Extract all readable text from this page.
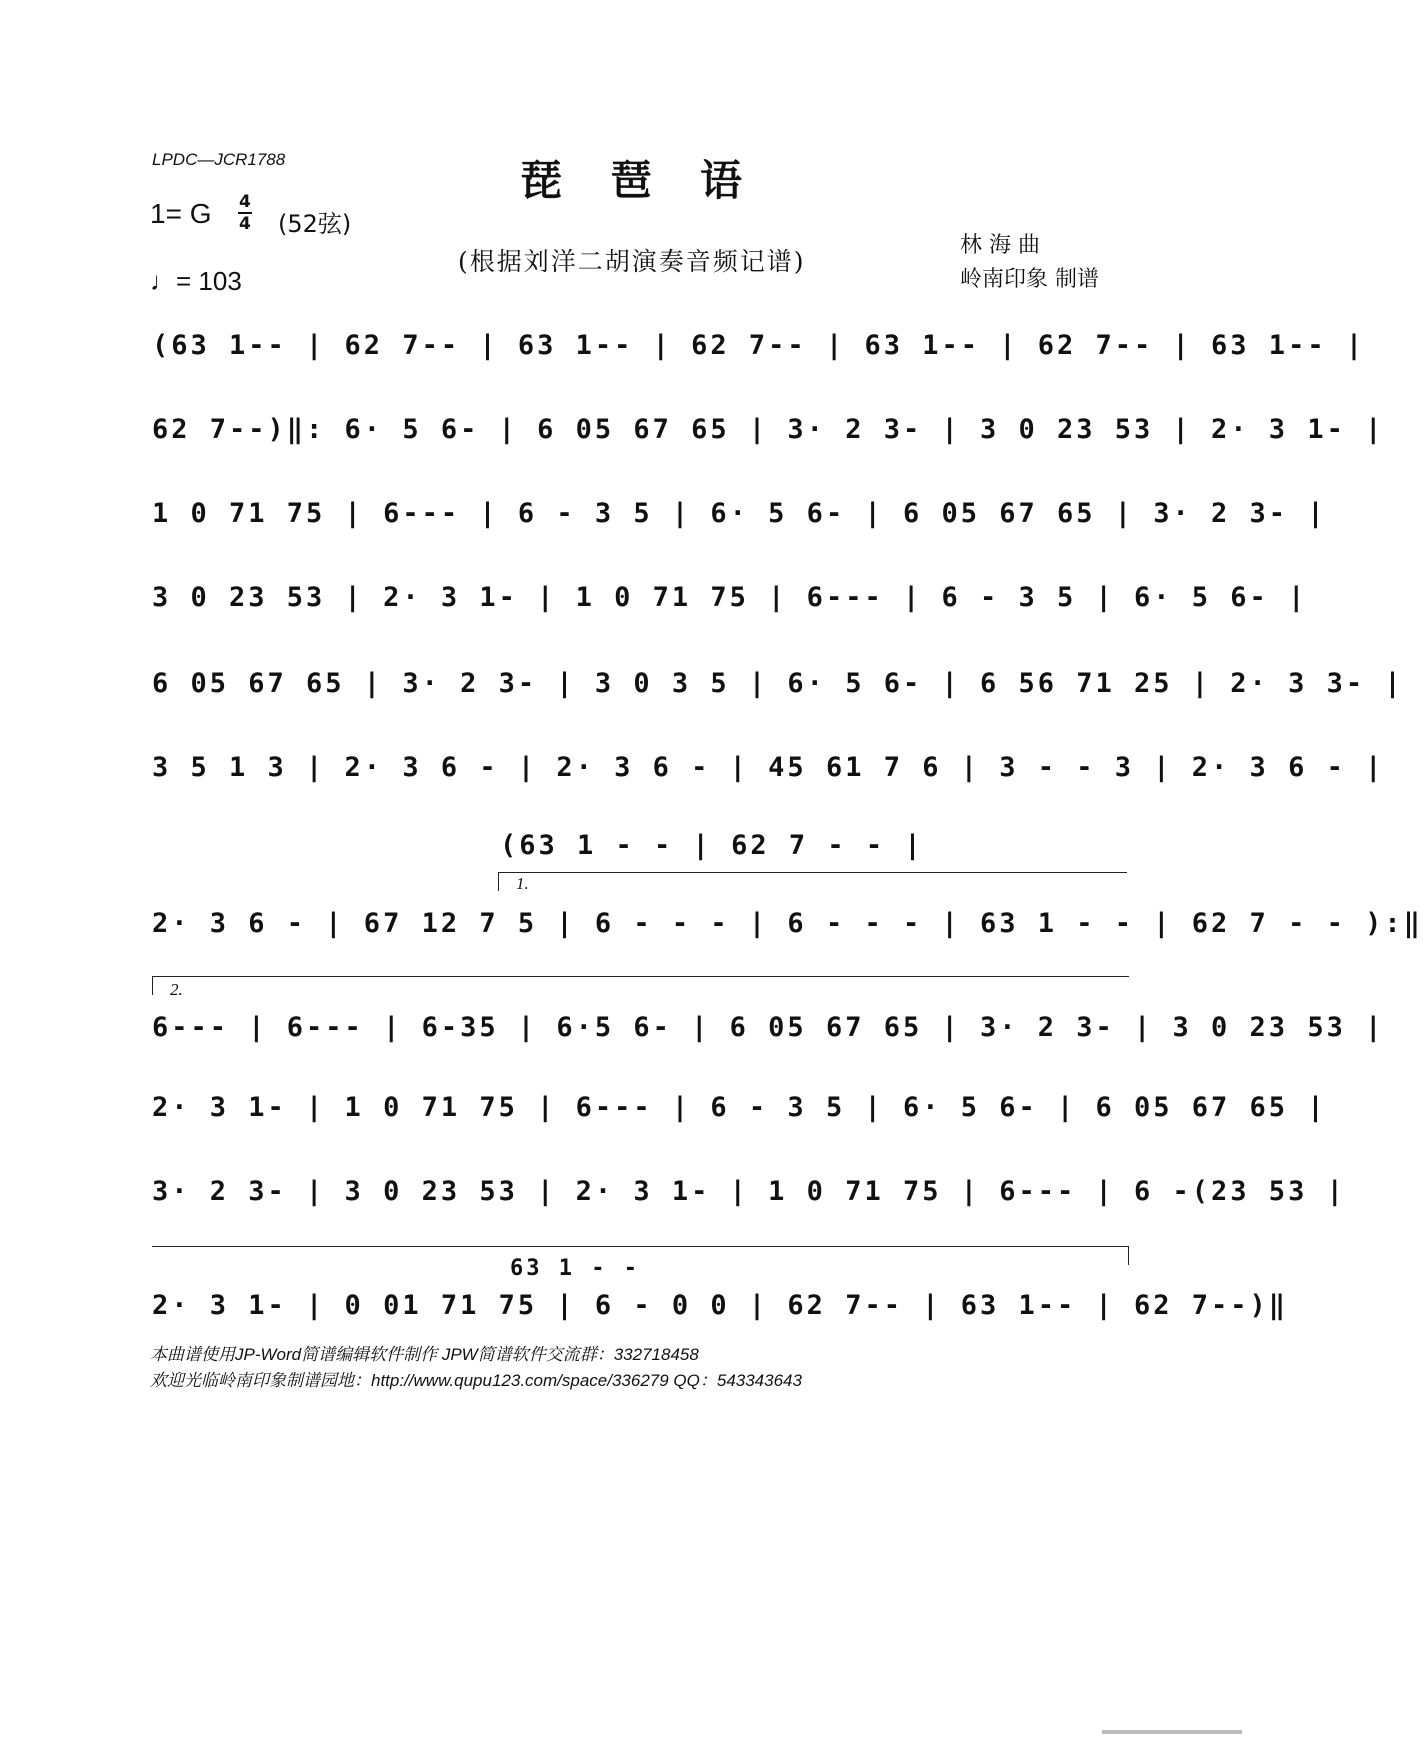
LPDC—JCR1788	琵琶语
1= G $\frac{4}{4} (52$弦)
♩= 103
(根据刘洋二胡演奏音频记谱)
林 海 曲
岭南印象 制谱
(63 1-- | 62 7-- | 63 1-- | 62 7-- | 63 1-- | 62 7-- | 63 1-- |
62 7--)‖: 6· 5 6- | 6 05 67 65 | 3· 2 3- | 3 0 23 53 | 2· 3 1- |
1 0 71 75 | 6--- | 6 - 3 5 | 6· 5 6- | 6 05 67 65 | 3· 2 3- |
3 0 23 53 | 2· 3 1- | 1 0 71 75 | 6--- | 6 - 3 5 | 6· 5 6- |
6 05 67 65 | 3· 2 3- | 3 0 3 5 | 6· 5 6- | 6 56 71 25 | 2· 3 3- |
3 5 1 3 | 2· 3 6 - | 2· 3 6 - | 45 61 7 6 | 3 - - 3 | 2· 3 6 - |
(63 1 - - | 62 7 - - |
1.
2· 3 6 - | 67 12 7 5 | 6 - - - | 6 - - - | 63 1 - - | 62 7 - - ):‖
2.
6--- | 6--- | 6-35 | 6·5 6- | 6 05 67 65 | 3· 2 3- | 3 0 23 53 |
2· 3 1- | 1 0 71 75 | 6--- | 6 - 3 5 | 6· 5 6- | 6 05 67 65 |
3· 2 3- | 3 0 23 53 | 2· 3 1- | 1 0 71 75 | 6--- | 6 -(23 53 |
63 1 - -
2· 3 1- | 0 01 71 75 | 6 - 0 0 | 62 7-- | 63 1-- | 62 7--)‖
本曲谱使用JP-Word简谱编辑软件制作 JPW简谱软件交流群：332718458
欢迎光临岭南印象制谱园地：http://www.qupu123.com/space/336279 QQ：543343643
